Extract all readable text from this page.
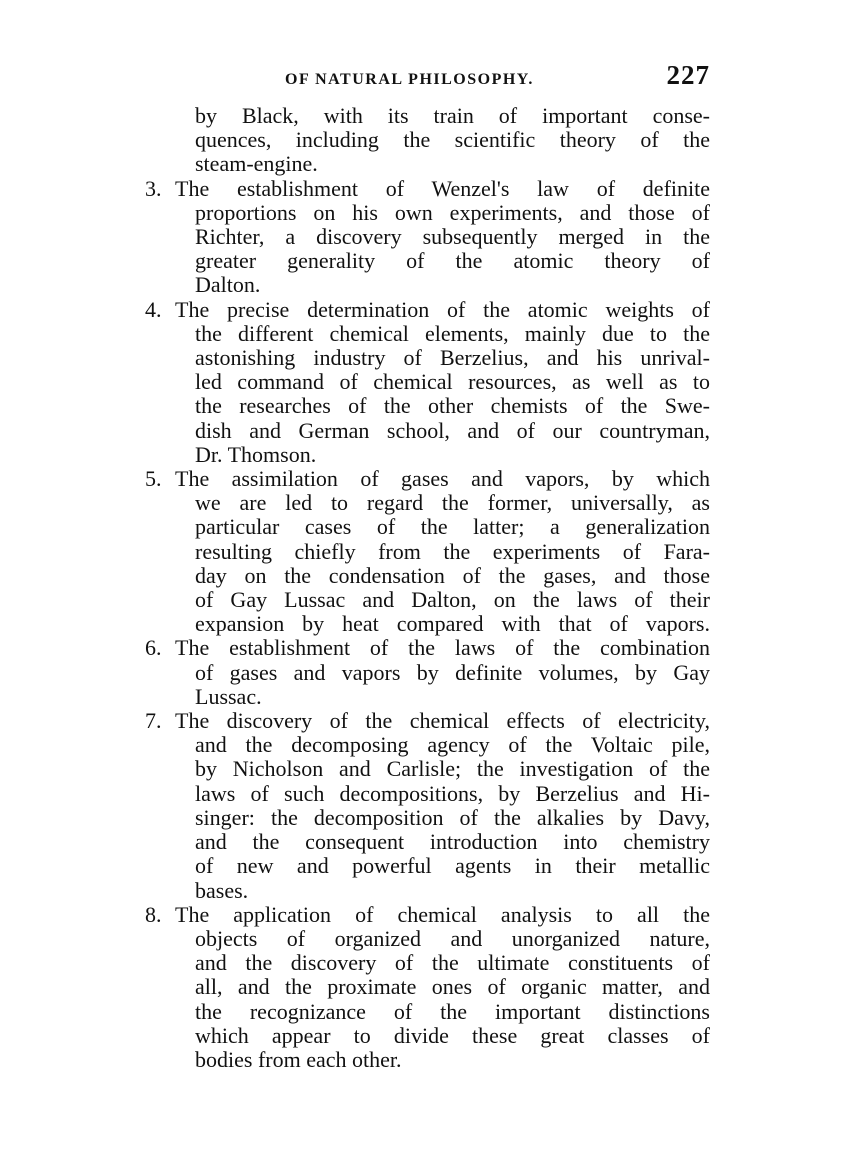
OF NATURAL PHILOSOPHY.	227
by Black, with its train of important conse-
quences, including the scientific theory of the
steam-engine.
3. The establishment of Wenzel's law of definite
proportions on his own experiments, and those of
Richter, a discovery subsequently merged in the
greater generality of the atomic theory of
Dalton.
4. The precise determination of the atomic weights of
the different chemical elements, mainly due to the
astonishing industry of Berzelius, and his unrival-
led command of chemical resources, as well as to
the researches of the other chemists of the Swe-
dish and German school, and of our countryman,
Dr. Thomson.
5. The assimilation of gases and vapors, by which
we are led to regard the former, universally, as
particular cases of the latter; a generalization
resulting chiefly from the experiments of Fara-
day on the condensation of the gases, and those
of Gay Lussac and Dalton, on the laws of their
expansion by heat compared with that of vapors.
6. The establishment of the laws of the combination
of gases and vapors by definite volumes, by Gay
Lussac.
7. The discovery of the chemical effects of electricity,
and the decomposing agency of the Voltaic pile,
by Nicholson and Carlisle; the investigation of the
laws of such decompositions, by Berzelius and Hi-
singer: the decomposition of the alkalies by Davy,
and the consequent introduction into chemistry
of new and powerful agents in their metallic
bases.
8. The application of chemical analysis to all the
objects of organized and unorganized nature,
and the discovery of the ultimate constituents of
all, and the proximate ones of organic matter, and
the recognizance of the important distinctions
which appear to divide these great classes of
bodies from each other.
